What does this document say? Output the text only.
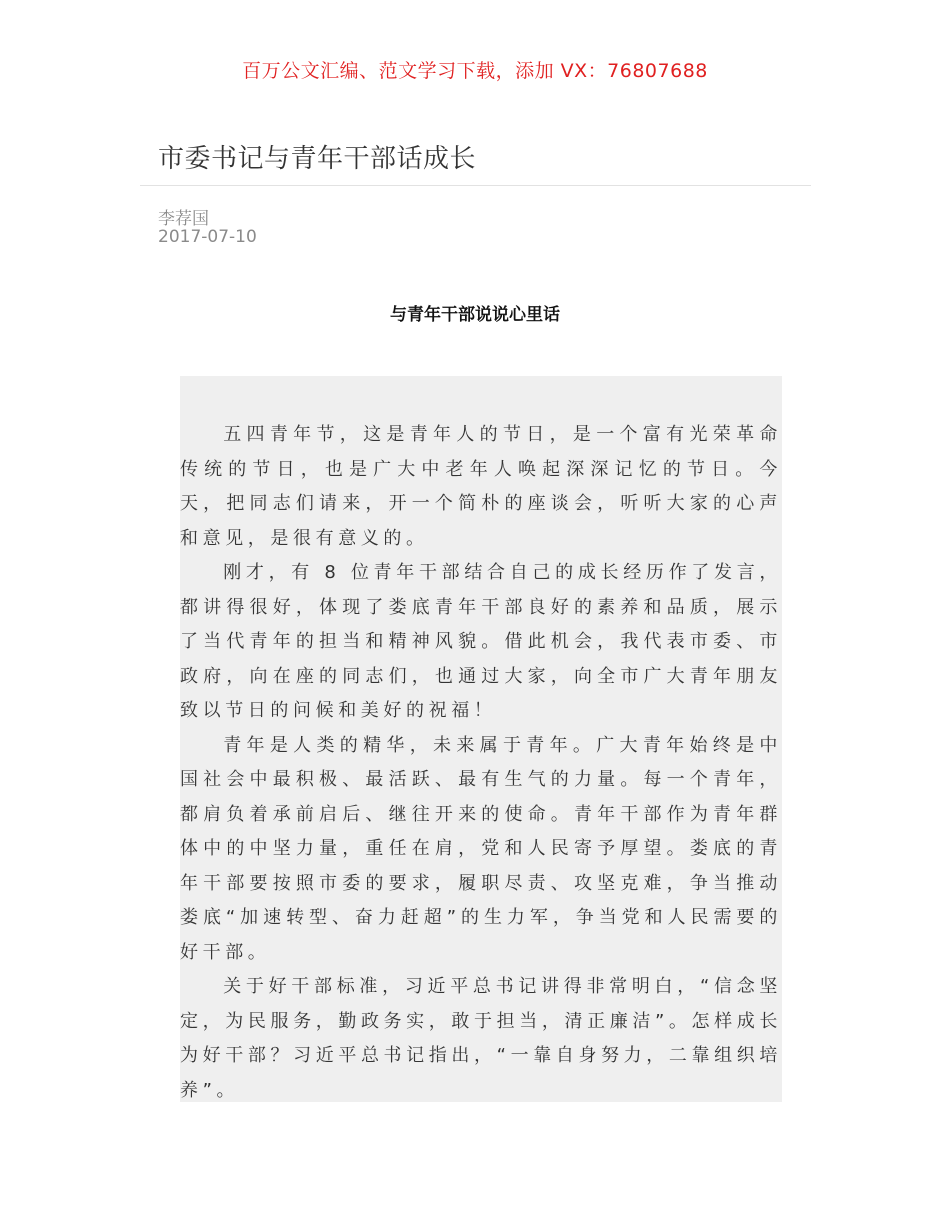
百万公文汇编、范文学习下载，添加 VX：76807688
市委书记与青年干部话成长
李荐国
2017-07-10
与青年干部说说心里话

五四青年节，这是青年人的节日，是一个富有光荣革命传统的节日，也是广大中老年人唤起深深记忆的节日。今天，把同志们请来，开一个简朴的座谈会，听听大家的心声和意见，是很有意义的。

刚才，有 8 位青年干部结合自己的成长经历作了发言，都讲得很好，体现了娄底青年干部良好的素养和品质，展示了当代青年的担当和精神风貌。借此机会，我代表市委、市政府，向在座的同志们，也通过大家，向全市广大青年朋友致以节日的问候和美好的祝福！

青年是人类的精华，未来属于青年。广大青年始终是中国社会中最积极、最活跃、最有生气的力量。每一个青年，都肩负着承前启后、继往开来的使命。青年干部作为青年群体中的中坚力量，重任在肩，党和人民寄予厚望。娄底的青年干部要按照市委的要求，履职尽责、攻坚克难，争当推动娄底“加速转型、奋力赶超”的生力军，争当党和人民需要的好干部。

关于好干部标准，习近平总书记讲得非常明白，“信念坚定，为民服务，勤政务实，敢于担当，清正廉洁”。怎样成长为好干部？习近平总书记指出，“一靠自身努力，二靠组织培养”。
